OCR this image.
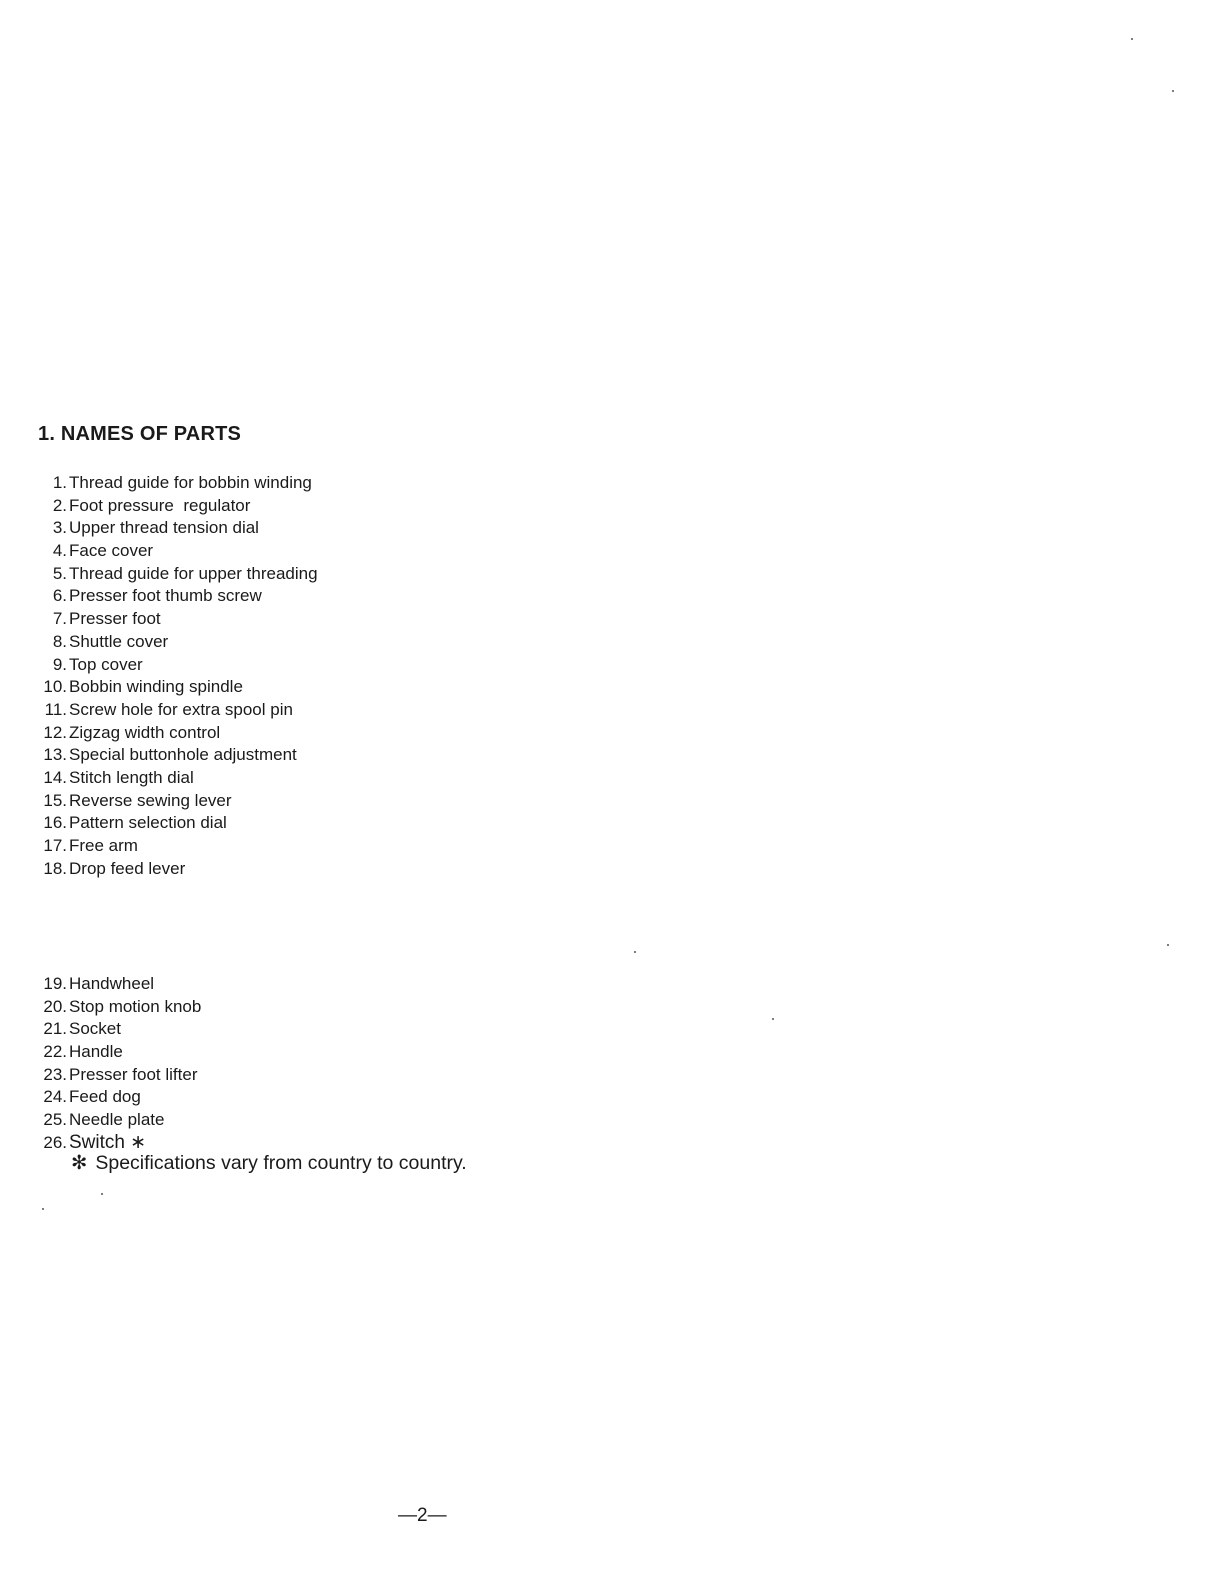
1. NAMES OF PARTS
1. Thread guide for bobbin winding
2. Foot pressure  regulator
3. Upper thread tension dial
4. Face cover
5. Thread guide for upper threading
6. Presser foot thumb screw
7. Presser foot
8. Shuttle cover
9. Top cover
10. Bobbin winding spindle
11. Screw hole for extra spool pin
12. Zigzag width control
13. Special buttonhole adjustment
14. Stitch length dial
15. Reverse sewing lever
16. Pattern selection dial
17. Free arm
18. Drop feed lever
19. Handwheel
20. Stop motion knob
21. Socket
22. Handle
23. Presser foot lifter
24. Feed dog
25. Needle plate
26. Switch ∗

✻ Specifications vary from country to country.

—2—
